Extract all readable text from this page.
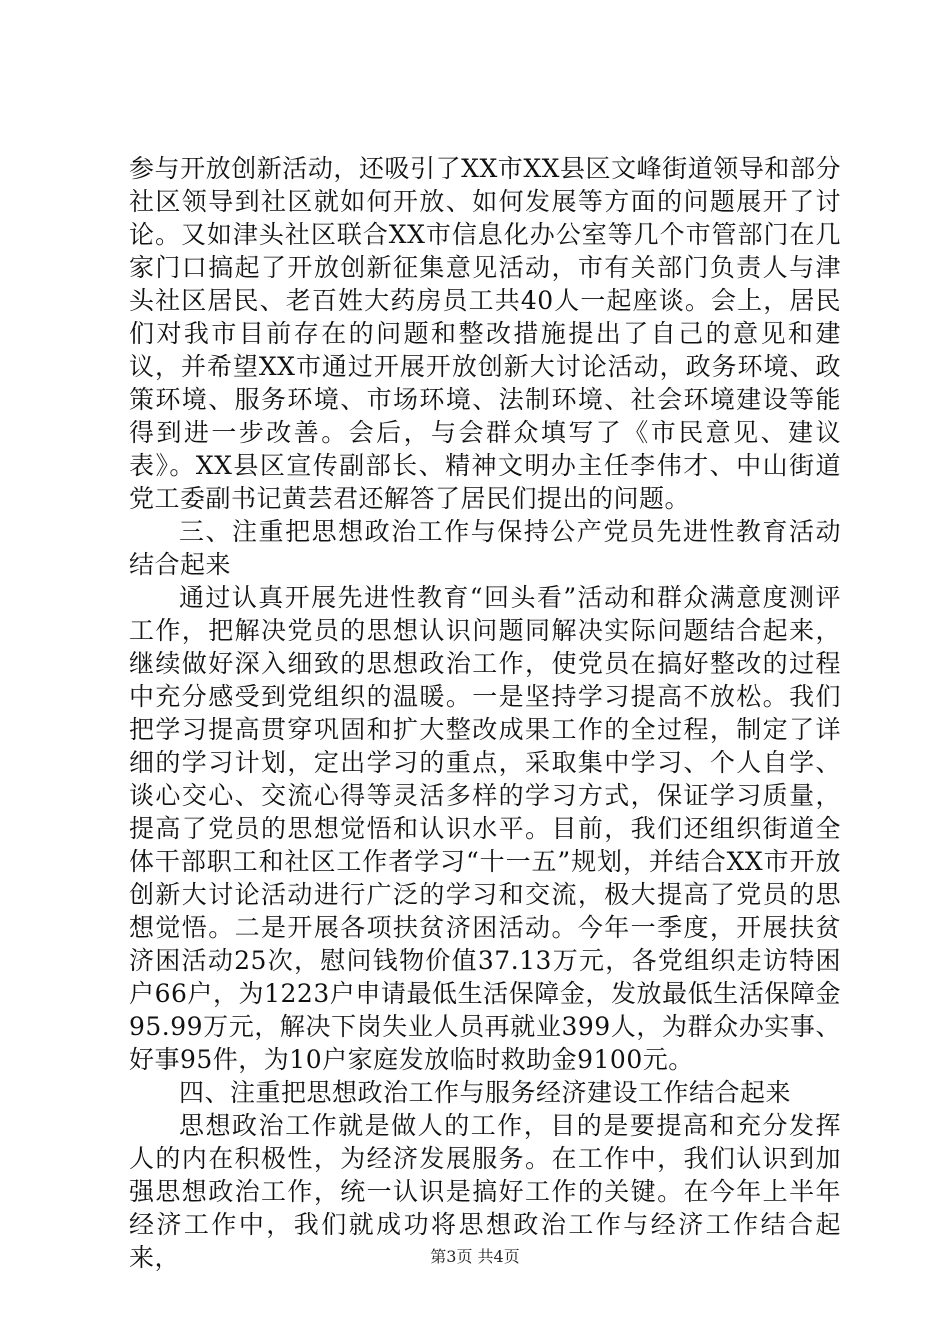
参与开放创新活动，还吸引了XX市XX县区文峰街道领导和部分社区领导到社区就如何开放、如何发展等方面的问题展开了讨论。又如津头社区联合XX市信息化办公室等几个市管部门在几家门口搞起了开放创新征集意见活动，市有关部门负责人与津头社区居民、老百姓大药房员工共40人一起座谈。会上，居民们对我市目前存在的问题和整改措施提出了自己的意见和建议，并希望XX市通过开展开放创新大讨论活动，政务环境、政策环境、服务环境、市场环境、法制环境、社会环境建设等能得到进一步改善。会后，与会群众填写了《市民意见、建议表》。XX县区宣传副部长、精神文明办主任李伟才、中山街道党工委副书记黄芸君还解答了居民们提出的问题。

三、注重把思想政治工作与保持公产党员先进性教育活动结合起来

通过认真开展先进性教育“回头看”活动和群众满意度测评工作，把解决党员的思想认识问题同解决实际问题结合起来，继续做好深入细致的思想政治工作，使党员在搞好整改的过程中充分感受到党组织的温暖。一是坚持学习提高不放松。我们把学习提高贯穿巩固和扩大整改成果工作的全过程，制定了详细的学习计划，定出学习的重点，采取集中学习、个人自学、谈心交心、交流心得等灵活多样的学习方式，保证学习质量，提高了党员的思想觉悟和认识水平。目前，我们还组织街道全体干部职工和社区工作者学习“十一五”规划，并结合XX市开放创新大讨论活动进行广泛的学习和交流，极大提高了党员的思想觉悟。二是开展各项扶贫济困活动。今年一季度，开展扶贫济困活动25次，慰问钱物价值37.13万元，各党组织走访特困户66户，为1223户申请最低生活保障金，发放最低生活保障金95.99万元，解决下岗失业人员再就业399人，为群众办实事、好事95件，为10户家庭发放临时救助金9100元。

四、注重把思想政治工作与服务经济建设工作结合起来

思想政治工作就是做人的工作，目的是要提高和充分发挥人的内在积极性，为经济发展服务。在工作中，我们认识到加强思想政治工作，统一认识是搞好工作的关键。在今年上半年经济工作中，我们就成功将思想政治工作与经济工作结合起来，	第3页 共4页
